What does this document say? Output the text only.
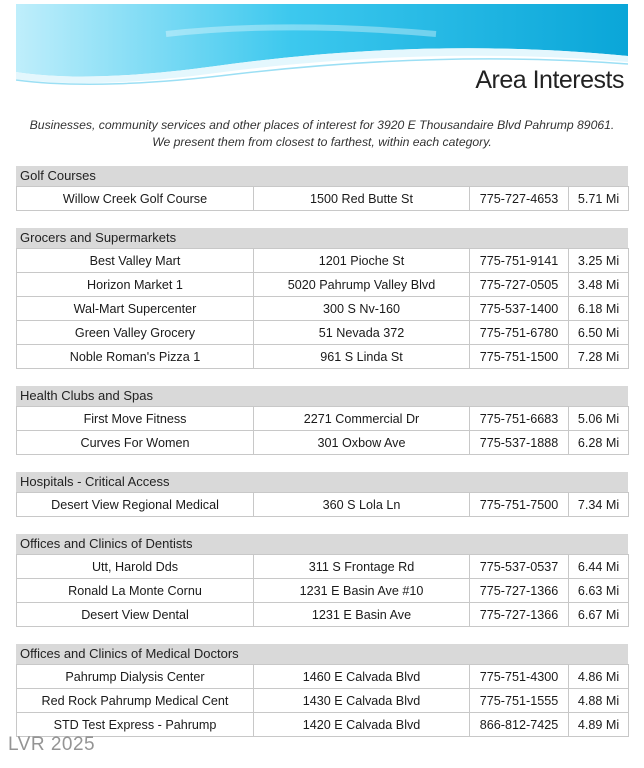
Area Interests
Businesses, community services and other places of interest for 3920 E Thousandaire Blvd Pahrump 89061. We present them from closest to farthest, within each category.
Golf Courses
Willow Creek Golf Course	1500 Red Butte St	775-727-4653	5.71 Mi
Grocers and Supermarkets
Best Valley Mart	1201 Pioche St	775-751-9141	3.25 Mi
Horizon Market 1	5020 Pahrump Valley Blvd	775-727-0505	3.48 Mi
Wal-Mart Supercenter	300 S Nv-160	775-537-1400	6.18 Mi
Green Valley Grocery	51 Nevada 372	775-751-6780	6.50 Mi
Noble Roman's Pizza 1	961 S Linda St	775-751-1500	7.28 Mi
Health Clubs and Spas
First Move Fitness	2271 Commercial Dr	775-751-6683	5.06 Mi
Curves For Women	301 Oxbow Ave	775-537-1888	6.28 Mi
Hospitals - Critical Access
Desert View Regional Medical	360 S Lola Ln	775-751-7500	7.34 Mi
Offices and Clinics of Dentists
Utt, Harold Dds	311 S Frontage Rd	775-537-0537	6.44 Mi
Ronald La Monte Cornu	1231 E Basin Ave #10	775-727-1366	6.63 Mi
Desert View Dental	1231 E Basin Ave	775-727-1366	6.67 Mi
Offices and Clinics of Medical Doctors
Pahrump Dialysis Center	1460 E Calvada Blvd	775-751-4300	4.86 Mi
Red Rock Pahrump Medical Cent	1430 E Calvada Blvd	775-751-1555	4.88 Mi
STD Test Express - Pahrump	1420 E Calvada Blvd	866-812-7425	4.89 Mi
LVR 2025
